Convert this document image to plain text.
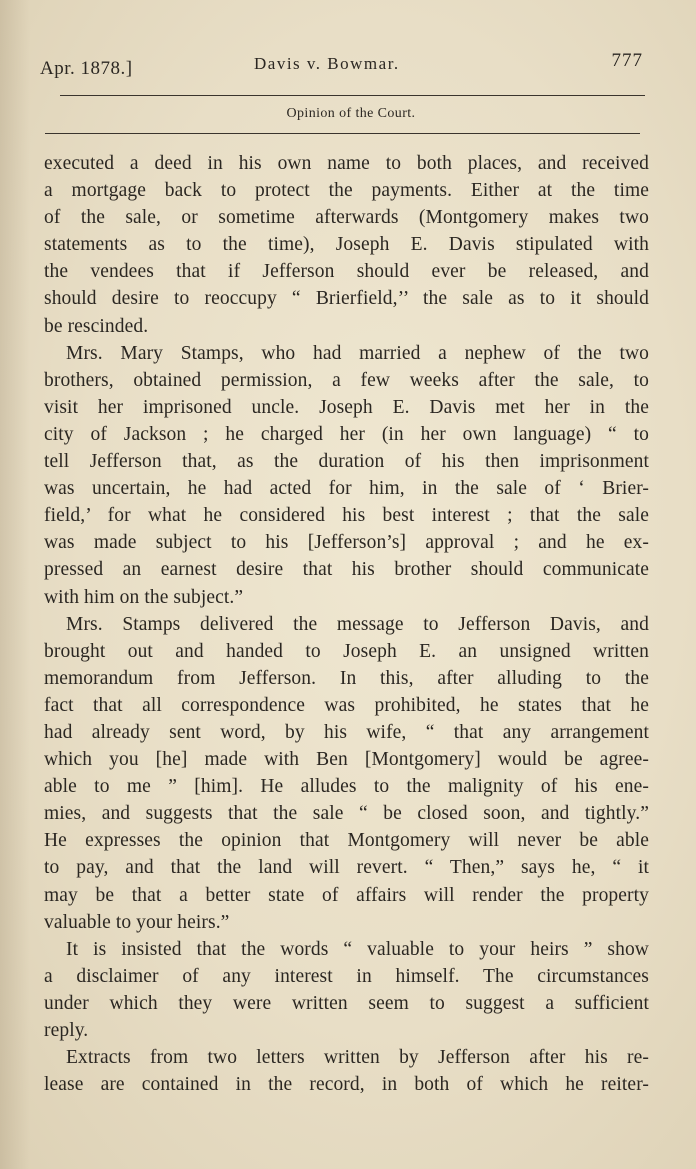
Apr. 1878.]	Davis v. Bowmar.	777
Opinion of the Court.
executed a deed in his own name to both places, and received
a mortgage back to protect the payments. Either at the time
of the sale, or sometime afterwards (Montgomery makes two
statements as to the time), Joseph E. Davis stipulated with
the vendees that if Jefferson should ever be released, and
should desire to reoccupy “ Brierfield,’’ the sale as to it should
be rescinded.
Mrs. Mary Stamps, who had married a nephew of the two
brothers, obtained permission, a few weeks after the sale, to
visit her imprisoned uncle. Joseph E. Davis met her in the
city of Jackson ; he charged her (in her own language) “ to
tell Jefferson that, as the duration of his then imprisonment
was uncertain, he had acted for him, in the sale of ‘ Brier-
field,’ for what he considered his best interest ; that the sale
was made subject to his [Jefferson’s] approval ; and he ex-
pressed an earnest desire that his brother should communicate
with him on the subject.”
Mrs. Stamps delivered the message to Jefferson Davis, and
brought out and handed to Joseph E. an unsigned written
memorandum from Jefferson. In this, after alluding to the
fact that all correspondence was prohibited, he states that he
had already sent word, by his wife, “ that any arrangement
which you [he] made with Ben [Montgomery] would be agree-
able to me ” [him]. He alludes to the malignity of his ene-
mies, and suggests that the sale “ be closed soon, and tightly.”
He expresses the opinion that Montgomery will never be able
to pay, and that the land will revert. “ Then,” says he, “ it
may be that a better state of affairs will render the property
valuable to your heirs.”
It is insisted that the words “ valuable to your heirs ” show
a disclaimer of any interest in himself. The circumstances
under which they were written seem to suggest a sufficient
reply.
Extracts from two letters written by Jefferson after his re-
lease are contained in the record, in both of which he reiter-
